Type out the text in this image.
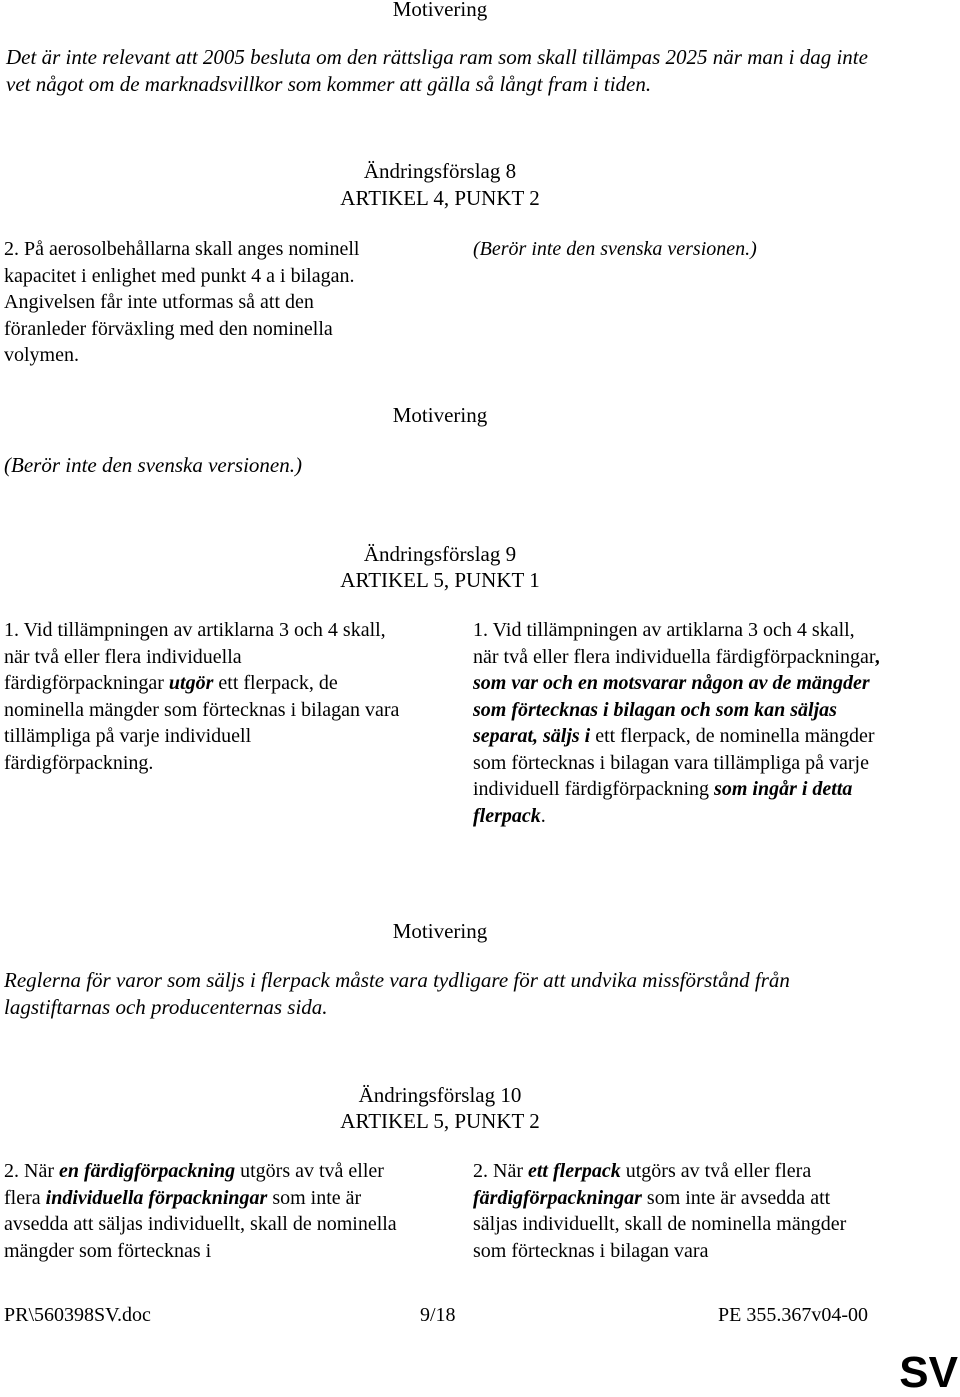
Motivering
Det är inte relevant att 2005 besluta om den rättsliga ram som skall tillämpas 2025 när man i dag inte vet något om de marknadsvillkor som kommer att gälla så långt fram i tiden.
Ändringsförslag 8
ARTIKEL 4, PUNKT 2
2. På aerosolbehållarna skall anges nominell kapacitet i enlighet med punkt 4 a i bilagan. Angivelsen får inte utformas så att den föranleder förväxling med den nominella volymen.
(Berör inte den svenska versionen.)
Motivering
(Berör inte den svenska versionen.)
Ändringsförslag 9
ARTIKEL 5, PUNKT 1
1. Vid tillämpningen av artiklarna 3 och 4 skall, när två eller flera individuella färdigförpackningar utgör ett flerpack, de nominella mängder som förtecknas i bilagan vara tillämpliga på varje individuell färdigförpackning.
1. Vid tillämpningen av artiklarna 3 och 4 skall, när två eller flera individuella färdigförpackningar, som var och en motsvarar någon av de mängder som förtecknas i bilagan och som kan säljas separat, säljs i ett flerpack, de nominella mängder som förtecknas i bilagan vara tillämpliga på varje individuell färdigförpackning som ingår i detta flerpack.
Motivering
Reglerna för varor som säljs i flerpack måste vara tydligare för att undvika missförstånd från lagstiftarnas och producenternas sida.
Ändringsförslag 10
ARTIKEL 5, PUNKT 2
2. När en färdigförpackning utgörs av två eller flera individuella förpackningar som inte är avsedda att säljas individuellt, skall de nominella mängder som förtecknas i
2. När ett flerpack utgörs av två eller flera färdigförpackningar som inte är avsedda att säljas individuellt, skall de nominella mängder som förtecknas i bilagan vara
PR\560398SV.doc	9/18	PE 355.367v04-00
SV
